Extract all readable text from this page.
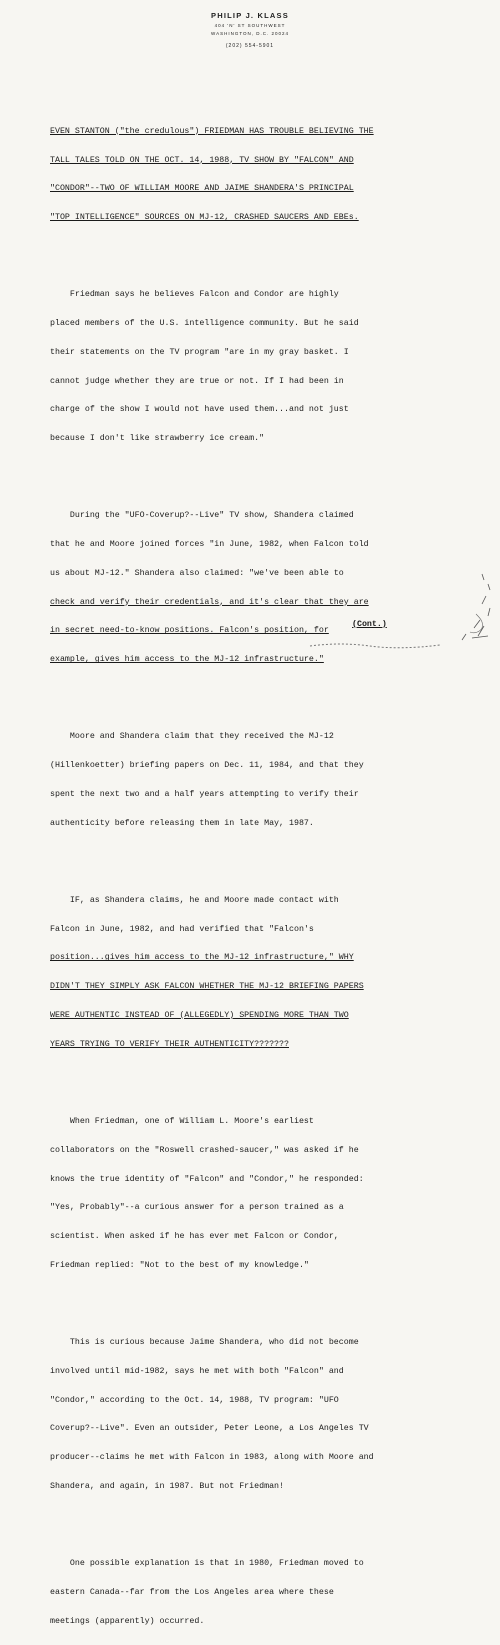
PHILIP J. KLASS
404 'N' ST SOUTHWEST
WASHINGTON, D.C. 20024
(202) 554-5901

EVEN STANTON ("the credulous") FRIEDMAN HAS TROUBLE BELIEVING THE

TALL TALES TOLD ON THE OCT. 14, 1988, TV SHOW BY "FALCON" AND

"CONDOR"--TWO OF WILLIAM MOORE AND JAIME SHANDERA'S PRINCIPAL

"TOP INTELLIGENCE" SOURCES ON MJ-12, CRASHED SAUCERS AND EBEs.

Friedman says he believes Falcon and Condor are highly

placed members of the U.S. intelligence community. But he said

their statements on the TV program "are in my gray basket. I

cannot judge whether they are true or not. If I had been in

charge of the show I would not have used them...and not just

because I don't like strawberry ice cream."

During the "UFO-Coverup?--Live" TV show, Shandera claimed

that he and Moore joined forces "in June, 1982, when Falcon told

us about MJ-12." Shandera also claimed: "we've been able to

check and verify their credentials, and it's clear that they are

in secret need-to-know positions. Falcon's position, for

example, gives him access to the MJ-12 infrastructure."

Moore and Shandera claim that they received the MJ-12

(Hillenkoetter) briefing papers on Dec. 11, 1984, and that they

spent the next two and a half years attempting to verify their

authenticity before releasing them in late May, 1987.

IF, as Shandera claims, he and Moore made contact with

Falcon in June, 1982, and had verified that "Falcon's

position...gives him access to the MJ-12 infrastructure," WHY

DIDN'T THEY SIMPLY ASK FALCON WHETHER THE MJ-12 BRIEFING PAPERS

WERE AUTHENTIC INSTEAD OF (ALLEGEDLY) SPENDING MORE THAN TWO

YEARS TRYING TO VERIFY THEIR AUTHENTICITY???????

When Friedman, one of William L. Moore's earliest

collaborators on the "Roswell crashed-saucer," was asked if he

knows the true identity of "Falcon" and "Condor," he responded:

"Yes, Probably"--a curious answer for a person trained as a

scientist. When asked if he has ever met Falcon or Condor,

Friedman replied: "Not to the best of my knowledge."

This is curious because Jaime Shandera, who did not become

involved until mid-1982, says he met with both "Falcon" and

"Condor," according to the Oct. 14, 1988, TV program: "UFO

Coverup?--Live". Even an outsider, Peter Leone, a Los Angeles TV

producer--claims he met with Falcon in 1983, along with Moore and

Shandera, and again, in 1987. But not Friedman!

One possible explanation is that in 1980, Friedman moved to

eastern Canada--far from the Los Angeles area where these

meetings (apparently) occurred.

(Cont.)
